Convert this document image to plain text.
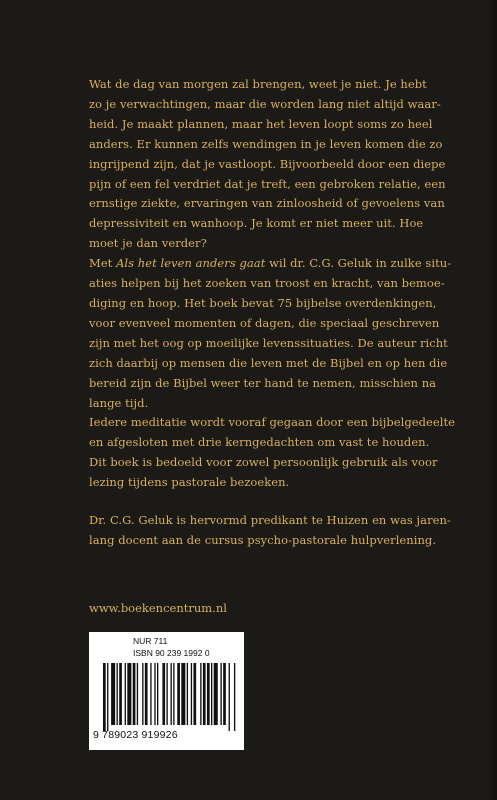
Wat de dag van morgen zal brengen, weet je niet. Je hebt
zo je verwachtingen, maar die worden lang niet altijd waar-
heid. Je maakt plannen, maar het leven loopt soms zo heel
anders. Er kunnen zelfs wendingen in je leven komen die zo
ingrijpend zijn, dat je vastloopt. Bijvoorbeeld door een diepe
pijn of een fel verdriet dat je treft, een gebroken relatie, een
ernstige ziekte, ervaringen van zinloosheid of gevoelens van
depressiviteit en wanhoop. Je komt er niet meer uit. Hoe
moet je dan verder?

Met Als het leven anders gaat wil dr. C.G. Geluk in zulke situ-
aties helpen bij het zoeken van troost en kracht, van bemoe-
diging en hoop. Het boek bevat 75 bijbelse overdenkingen,
voor evenveel momenten of dagen, die speciaal geschreven
zijn met het oog op moeilijke levenssituaties. De auteur richt
zich daarbij op mensen die leven met de Bijbel en op hen die
bereid zijn de Bijbel weer ter hand te nemen, misschien na
lange tijd.

Iedere meditatie wordt vooraf gegaan door een bijbelgedeelte
en afgesloten met drie kerngedachten om vast te houden.

Dit boek is bedoeld voor zowel persoonlijk gebruik als voor
lezing tijdens pastorale bezoeken.

Dr. C.G. Geluk is hervormd predikant te Huizen en was jaren-
lang docent aan de cursus psycho-pastorale hulpverlening.

www.boekencentrum.nl
NUR 711
ISBN 90 239 1992 0
9 789023 919926
